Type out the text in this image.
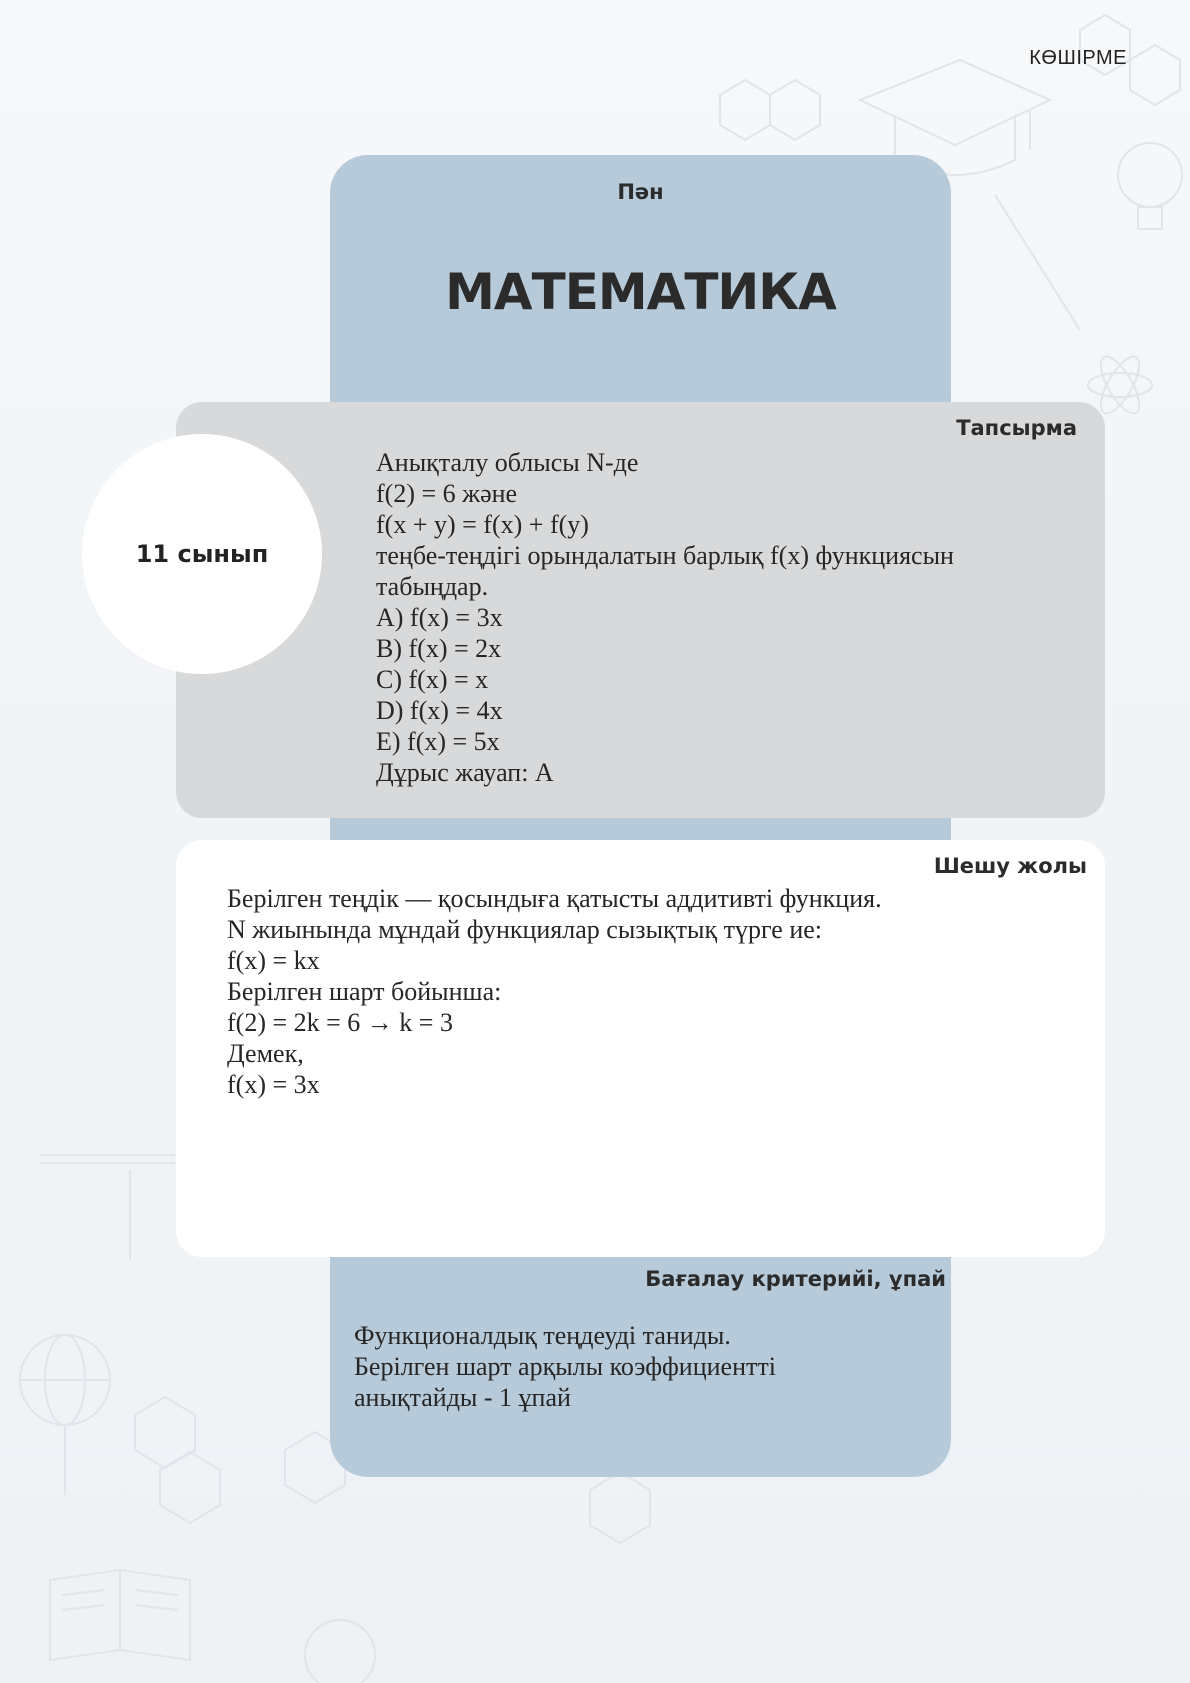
КӨШІРМЕ
Пән
МАТЕМАТИКА
Тапсырма
Анықталу облысы N-де
f(2) = 6 және
f(x + y) = f(x) + f(y)
теңбе-теңдігі орындалатын барлық f(x) функциясын
табыңдар.
A) f(x) = 3x
B) f(x) = 2x
C) f(x) = x
D) f(x) = 4x
E) f(x) = 5x
Дұрыс жауап: A
11 сынып
Шешу жолы
Берілген теңдік — қосындыға қатысты аддитивті функция.
N жиынында мұндай функциялар сызықтық түрге ие:
f(x) = kx
Берілген шарт бойынша:
f(2) = 2k = 6 → k = 3
Демек,
f(x) = 3x
Бағалау критерийі, ұпай
Функционалдық теңдеуді таниды.
Берілген шарт арқылы коэффициентті
анықтайды - 1 ұпай
